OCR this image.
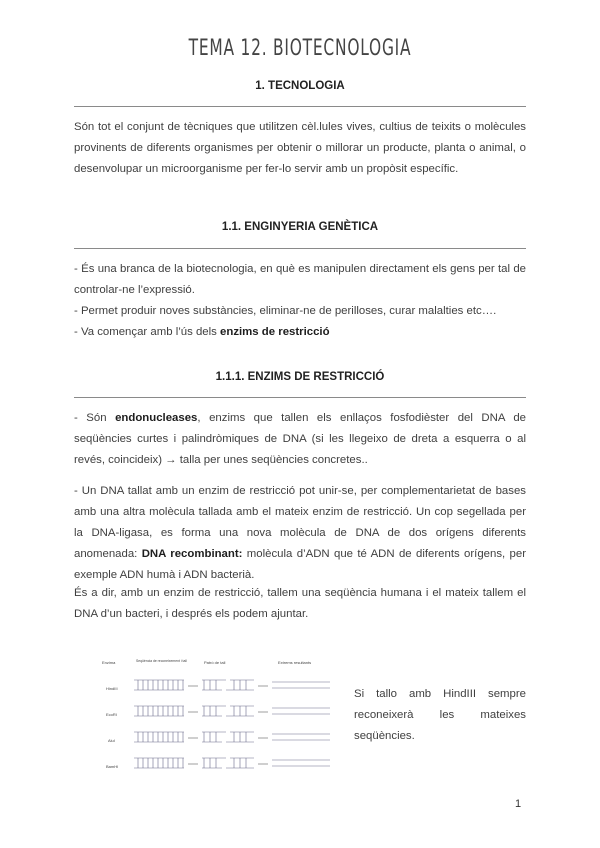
TEMA 12. BIOTECNOLOGIA
1. TECNOLOGIA

Són tot el conjunt de tècniques que utilitzen cèl.lules vives, cultius de teixits o molècules provinents de diferents organismes per obtenir o millorar un producte, planta o animal, o desenvolupar un microorganisme per fer-lo servir amb un propòsit específic.

1.1. ENGINYERIA GENÈTICA

- És una branca de la biotecnologia, en què es manipulen directament els gens per tal de controlar-ne l’expressió.

- Permet produir noves substàncies, eliminar-ne de perilloses, curar malalties etc….

- Va començar amb l’ús dels enzims de restricció

1.1.1. ENZIMS DE RESTRICCIÓ

- Són endonucleases, enzims que tallen els enllaços fosfodièster del DNA de seqüències curtes i palindròmiques de DNA (si les llegeixo de dreta a esquerra o al revés, coincideix) → talla per unes seqüències concretes..

- Un DNA tallat amb un enzim de restricció pot unir-se, per complementarietat de bases amb una altra molècula tallada amb el mateix enzim de restricció. Un cop segellada per la DNA-ligasa, es forma una nova molècula de DNA de dos orígens diferents anomenada: DNA recombinant: molècula d’ADN que té ADN de diferents orígens, per exemple ADN humà i ADN bacterià.

És a dir, amb un enzim de restricció, tallem una seqüència humana i el mateix tallem el DNA d’un bacteri, i després els podem ajuntar.

Enzima	Seqüència de reconeixement i tall	Patró de tall	Extrems resultants
HindIII
EcoRI
AluI
BamHI

Si tallo amb HindIII sempre reconeixerà les mateixes seqüències.

1
